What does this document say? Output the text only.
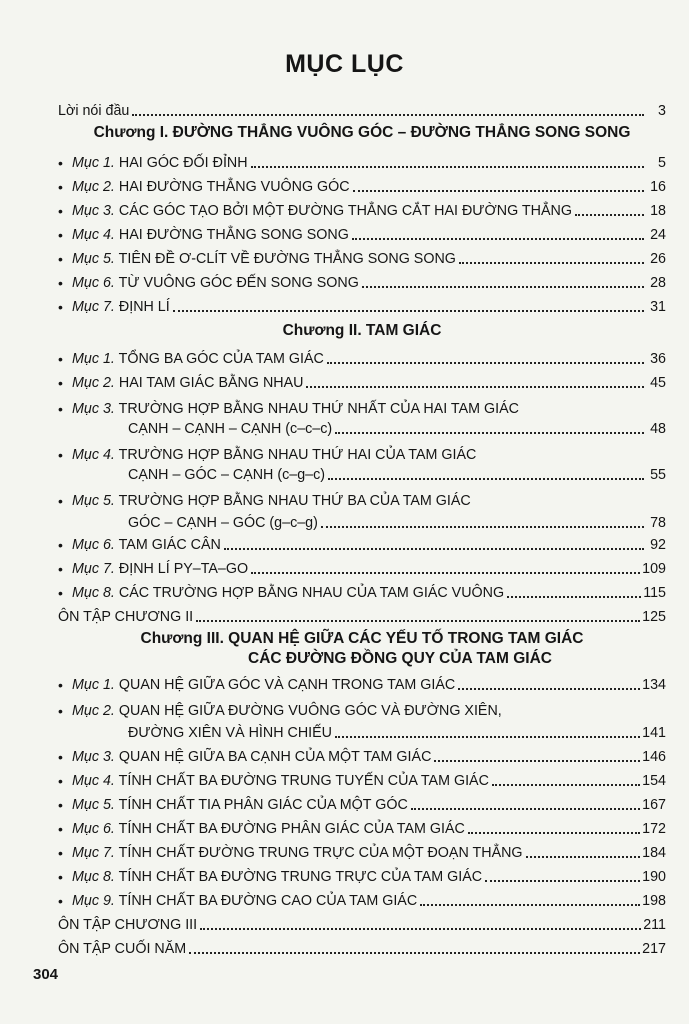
MỤC LỤC
Lời nói đầu	3
Chương I. ĐƯỜNG THẲNG VUÔNG GÓC – ĐƯỜNG THẲNG SONG SONG
• Mục 1. HAI GÓC ĐỐI ĐỈNH	5
• Mục 2. HAI ĐƯỜNG THẲNG VUÔNG GÓC	16
• Mục 3. CÁC GÓC TẠO BỞI MỘT ĐƯỜNG THẲNG CẮT HAI ĐƯỜNG THẲNG	18
• Mục 4. HAI ĐƯỜNG THẲNG SONG SONG	24
• Mục 5. TIÊN ĐỀ Ơ-CLÍT VỀ ĐƯỜNG THẲNG SONG SONG	26
• Mục 6. TỪ VUÔNG GÓC ĐẾN SONG SONG	28
• Mục 7. ĐỊNH LÍ	31
Chương II. TAM GIÁC
• Mục 1. TỔNG BA GÓC CỦA TAM GIÁC	36
• Mục 2. HAI TAM GIÁC BẰNG NHAU	45
• Mục 3. TRƯỜNG HỢP BẰNG NHAU THỨ NHẤT CỦA HAI TAM GIÁC
CẠNH – CẠNH – CẠNH (c–c–c)	48
• Mục 4. TRƯỜNG HỢP BẰNG NHAU THỨ HAI CỦA TAM GIÁC
CẠNH – GÓC – CẠNH (c–g–c)	55
• Mục 5. TRƯỜNG HỢP BẰNG NHAU THỨ BA CỦA TAM GIÁC
GÓC – CẠNH – GÓC (g–c–g)	78
• Mục 6. TAM GIÁC CÂN	92
• Mục 7. ĐỊNH LÍ PY–TA–GO	109
• Mục 8. CÁC TRƯỜNG HỢP BẰNG NHAU CỦA TAM GIÁC VUÔNG	115
ÔN TẬP CHƯƠNG II	125
Chương III. QUAN HỆ GIỮA CÁC YẾU TỐ TRONG TAM GIÁC
CÁC ĐƯỜNG ĐỒNG QUY CỦA TAM GIÁC
• Mục 1. QUAN HỆ GIỮA GÓC VÀ CẠNH TRONG TAM GIÁC	134
• Mục 2. QUAN HỆ GIỮA ĐƯỜNG VUÔNG GÓC VÀ ĐƯỜNG XIÊN,
ĐƯỜNG XIÊN VÀ HÌNH CHIẾU	141
• Mục 3. QUAN HỆ GIỮA BA CẠNH CỦA MỘT TAM GIÁC	146
• Mục 4. TÍNH CHẤT BA ĐƯỜNG TRUNG TUYẾN CỦA TAM GIÁC	154
• Mục 5. TÍNH CHẤT TIA PHÂN GIÁC CỦA MỘT GÓC	167
• Mục 6. TÍNH CHẤT BA ĐƯỜNG PHÂN GIÁC CỦA TAM GIÁC	172
• Mục 7. TÍNH CHẤT ĐƯỜNG TRUNG TRỰC CỦA MỘT ĐOẠN THẲNG	184
• Mục 8. TÍNH CHẤT BA ĐƯỜNG TRUNG TRỰC CỦA TAM GIÁC	190
• Mục 9. TÍNH CHẤT BA ĐƯỜNG CAO CỦA TAM GIÁC	198
ÔN TẬP CHƯƠNG III	211
ÔN TẬP CUỐI NĂM	217
304
